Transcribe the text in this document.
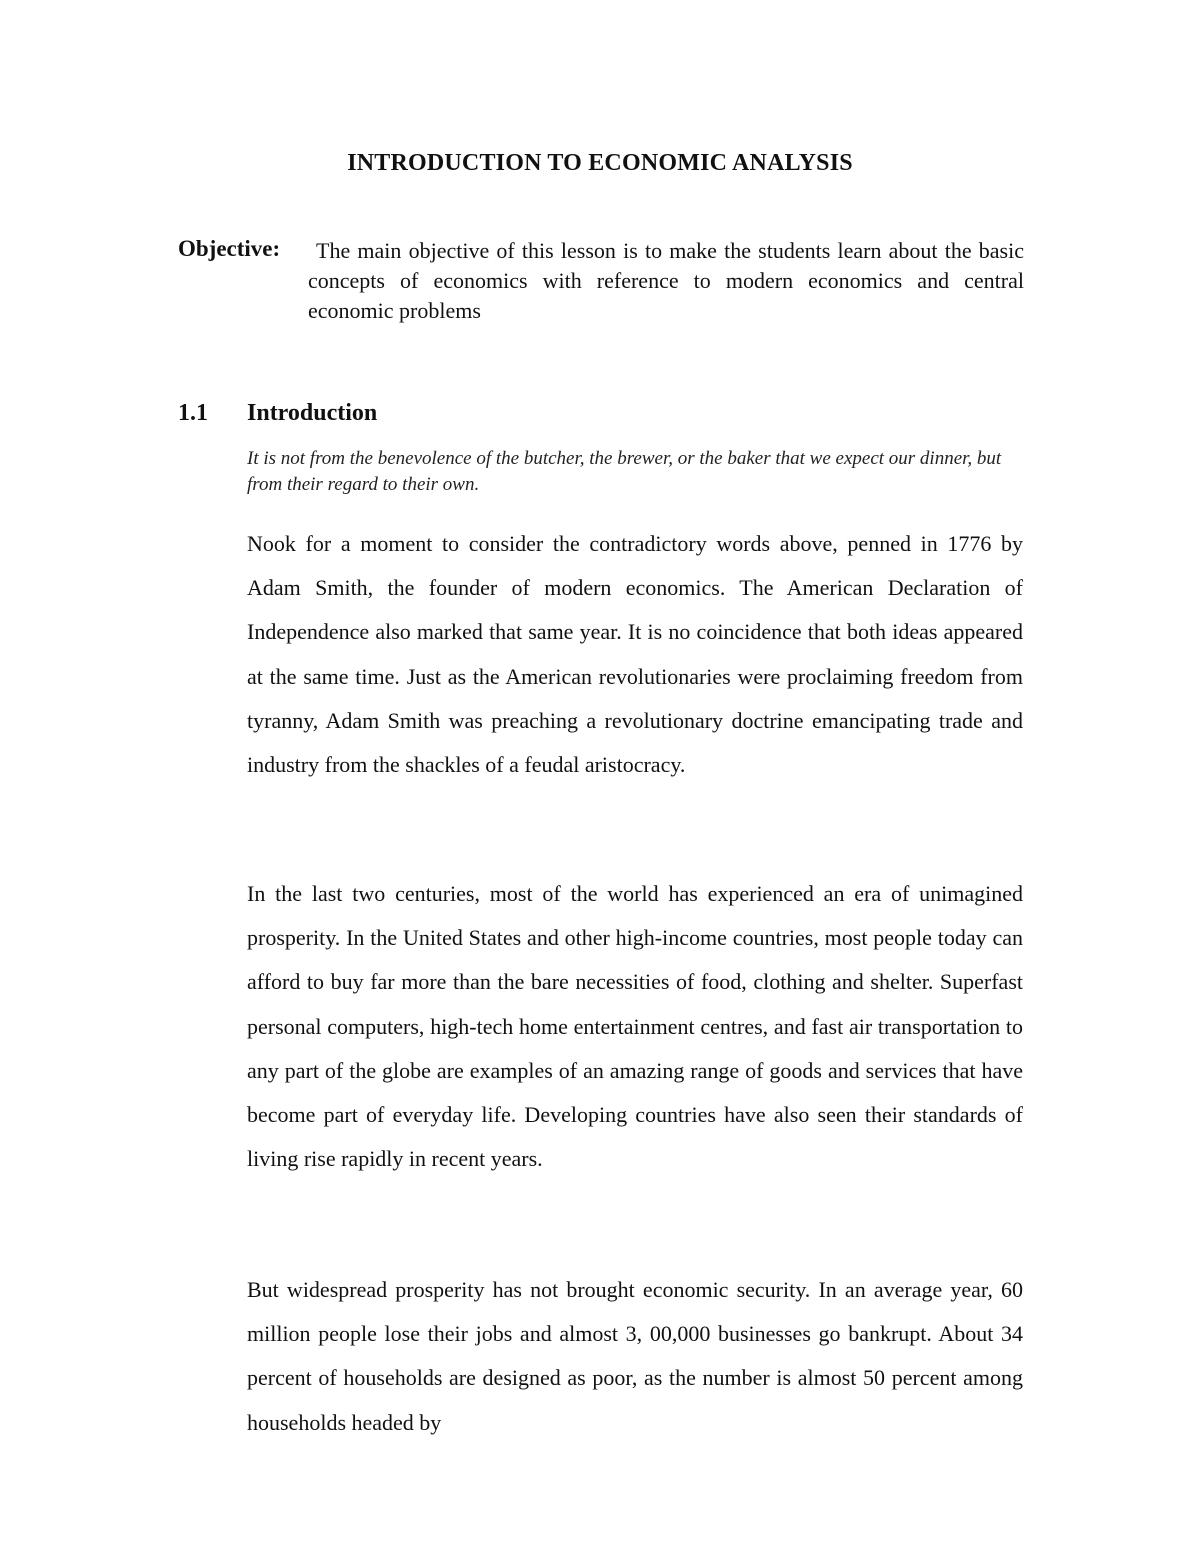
INTRODUCTION TO ECONOMIC ANALYSIS
Objective:	The main objective of this lesson is to make the students learn about the basic concepts of economics with reference to modern economics and central economic problems
1.1 Introduction
It is not from the benevolence of the butcher, the brewer, or the baker that we expect our dinner, but from their regard to their own.

Nook for a moment to consider the contradictory words above, penned in 1776 by Adam Smith, the founder of modern economics. The American Declaration of Independence also marked that same year. It is no coincidence that both ideas appeared at the same time. Just as the American revolutionaries were proclaiming freedom from tyranny, Adam Smith was preaching a revolutionary doctrine emancipating trade and industry from the shackles of a feudal aristocracy.

In the last two centuries, most of the world has experienced an era of unimagined prosperity. In the United States and other high-income countries, most people today can afford to buy far more than the bare necessities of food, clothing and shelter. Superfast personal computers, high-tech home entertainment centres, and fast air transportation to any part of the globe are examples of an amazing range of goods and services that have become part of everyday life. Developing countries have also seen their standards of living rise rapidly in recent years.

But widespread prosperity has not brought economic security. In an average year, 60 million people lose their jobs and almost 3, 00,000 businesses go bankrupt. About 34 percent of households are designed as poor, as the number is almost 50 percent among households headed by
